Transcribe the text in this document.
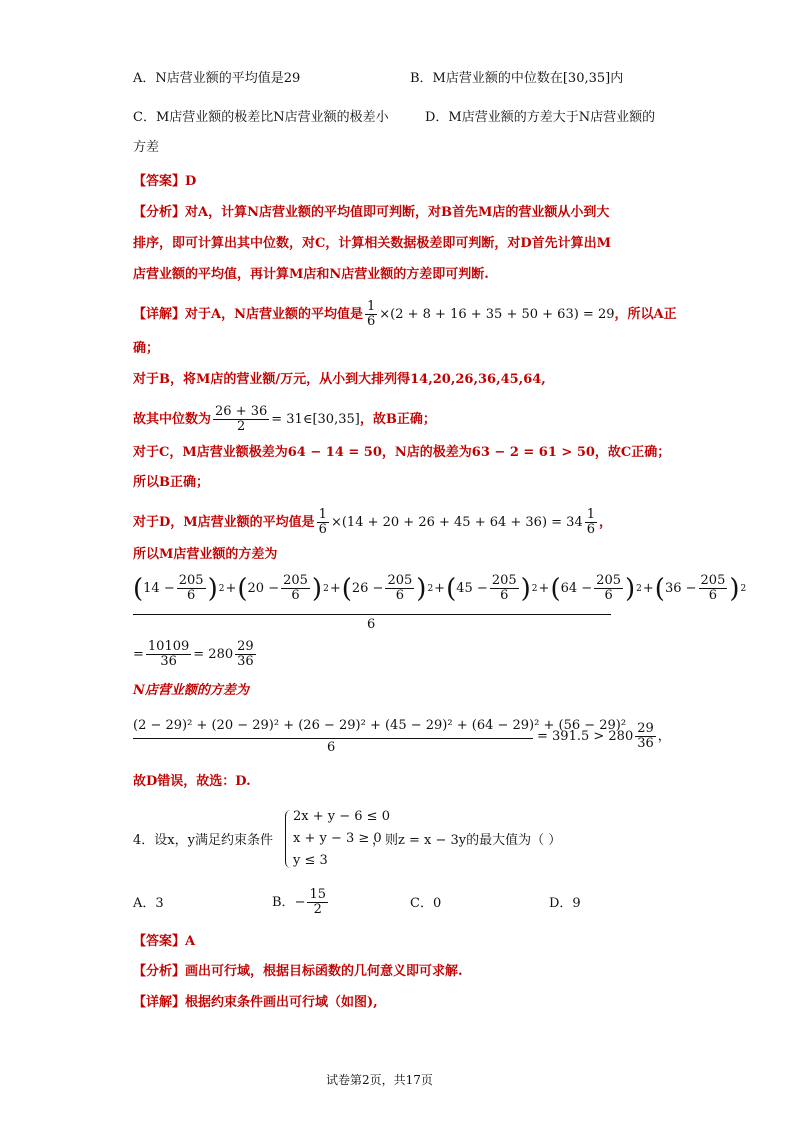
A．N店营业额的平均值是29	B．M店营业额的中位数在[30,35]内
C．M店营业额的极差比N店营业额的极差小	D．M店营业额的方差大于N店营业额的
方差
【答案】D
【分析】对A，计算N店营业额的平均值即可判断，对B首先M店的营业额从小到大
排序，即可计算出其中位数，对C，计算相关数据极差即可判断，对D首先计算出M
店营业额的平均值，再计算M店和N店营业额的方差即可判断.
【详解】对于A，N店营业额的平均值是 $\frac{1}{6} \times(2 + 8 + 16 + 35 + 50 + 63) = 29$，所以A正
确；
对于B，将M店的营业额/万元，从小到大排列得14,20,26,36,45,64,
故其中位数为 $\frac{26 + 36}{2}$ = 31∈[30,35]，故B正确；
对于C，M店营业额极差为64 − 14 = 50，N店的极差为63 − 2 = 61 > 50，故C正确；
所以B正确；
对于D，M店营业额的平均值是 $\frac{1}{6} \times(14 + 20 + 26 + 45 + 64 + 36) = 34 \frac{1}{6}$ ，
所以M店营业额的方差为
( $14 - \frac{205}{6}$ ) 2 + ( $20 - \frac{205}{6}$ ) 2 + ( $26 - \frac{205}{6}$ ) 2 + ( $45 - \frac{205}{6}$ ) 2 + ( $64 - \frac{205}{6}$ ) 2 + ( $36 - \frac{205}{6}$ ) 2
6
= $\frac{10109}{36} = 280 \frac{29}{36}$
N店营业额的方差为
(2 − 29)² + (20 − 29)² + (26 − 29)² + (45 − 29)² + (64 − 29)² + (56 − 29)²
6
= $391.5 > 280 \frac{29}{36}$ ，
故D错误，故选：D.
4．设x，y满足约束条件
2x + y − 6 ≤ 0
x + y − 3 ≥ 0
y ≤ 3
，则z = x − 3y的最大值为（ ）
A．3	B．− $\frac{15}{2}$	C．0	D．9
【答案】A
【分析】画出可行域，根据目标函数的几何意义即可求解.
【详解】根据约束条件画出可行域（如图),
试卷第2页，共17页
